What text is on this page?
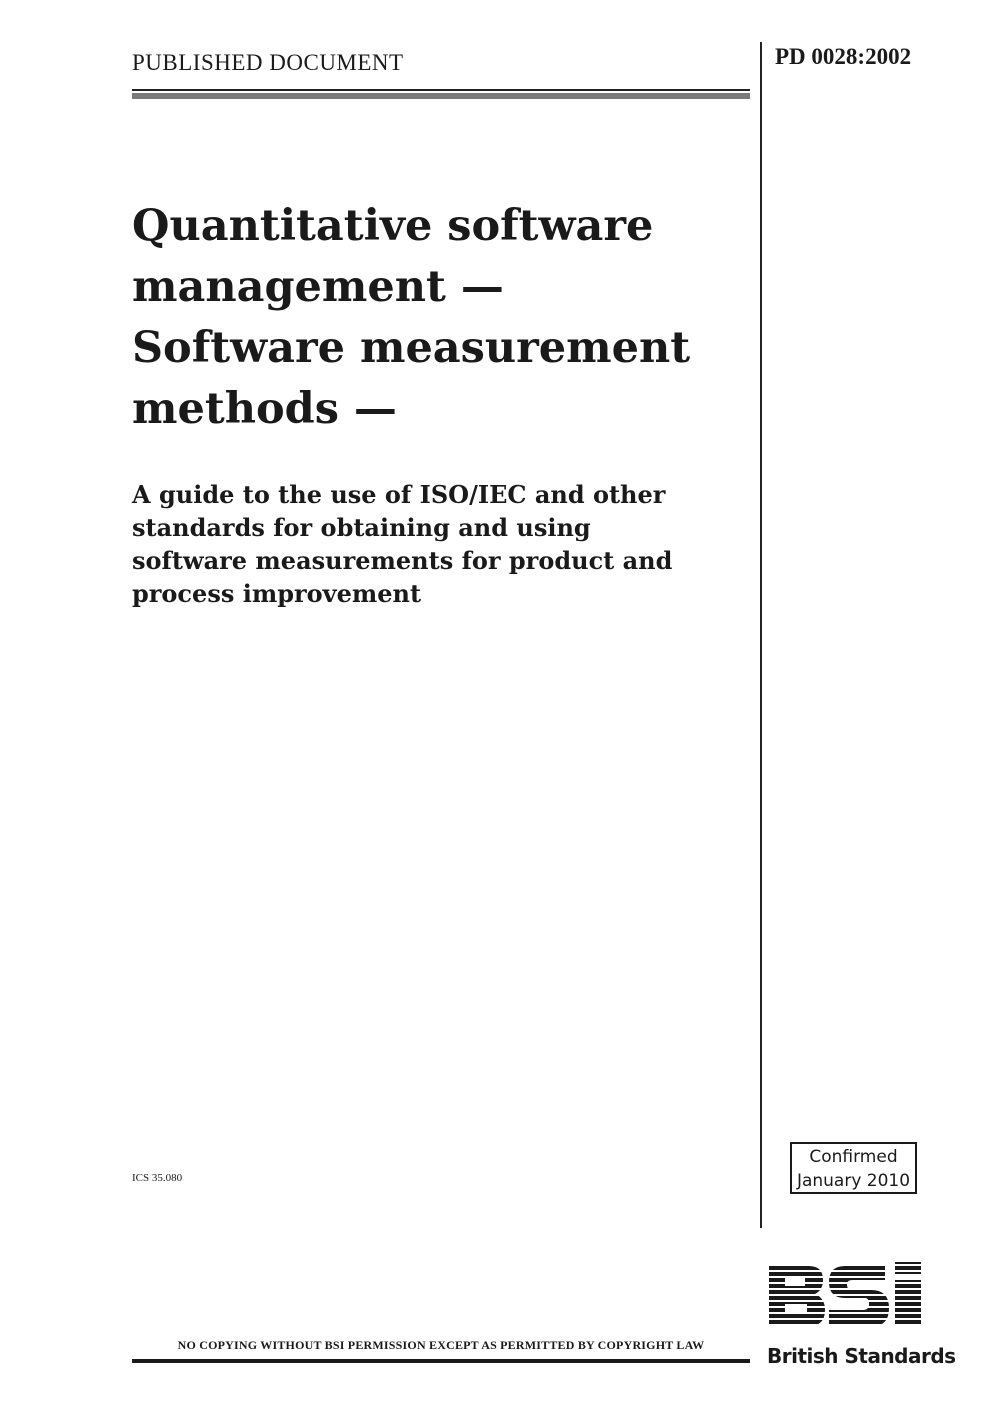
PUBLISHED DOCUMENT	PD 0028:2002
Quantitative software
management —
Software measurement
methods —
A guide to the use of ISO/IEC and other
standards for obtaining and using
software measurements for product and
process improvement
ICS 35.080
Confirmed
January 2010
NO COPYING WITHOUT BSI PERMISSION EXCEPT AS PERMITTED BY COPYRIGHT LAW	British Standards
